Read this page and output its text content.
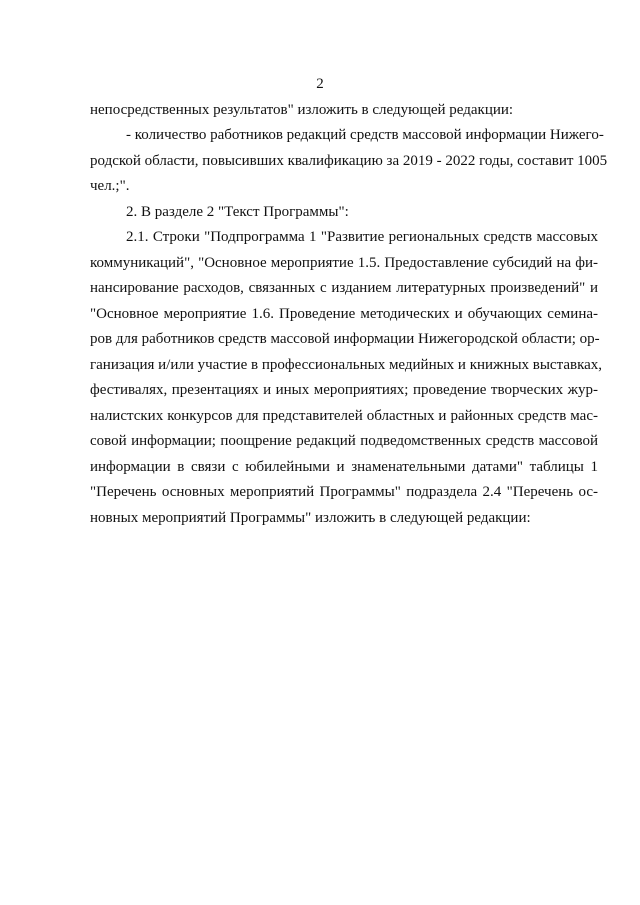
2
непосредственных результатов" изложить в следующей редакции:
- количество работников редакций средств массовой информации Нижего-
родской области, повысивших квалификацию за 2019 - 2022 годы, составит 1005
чел.;".
2. В разделе 2 "Текст Программы":
2.1. Строки "Подпрограмма 1 "Развитие региональных средств массовых
коммуникаций", "Основное мероприятие 1.5. Предоставление субсидий на фи-
нансирование расходов, связанных с изданием литературных произведений" и
"Основное мероприятие 1.6. Проведение методических и обучающих семина-
ров для работников средств массовой информации Нижегородской области; ор-
ганизация и/или участие в профессиональных медийных и книжных выставках,
фестивалях, презентациях и иных мероприятиях; проведение творческих жур-
налистских конкурсов для представителей областных и районных средств мас-
совой информации; поощрение редакций подведомственных средств массовой
информации в связи с юбилейными и знаменательными датами" таблицы 1
"Перечень основных мероприятий Программы" подраздела 2.4 "Перечень ос-
новных мероприятий Программы" изложить в следующей редакции:
